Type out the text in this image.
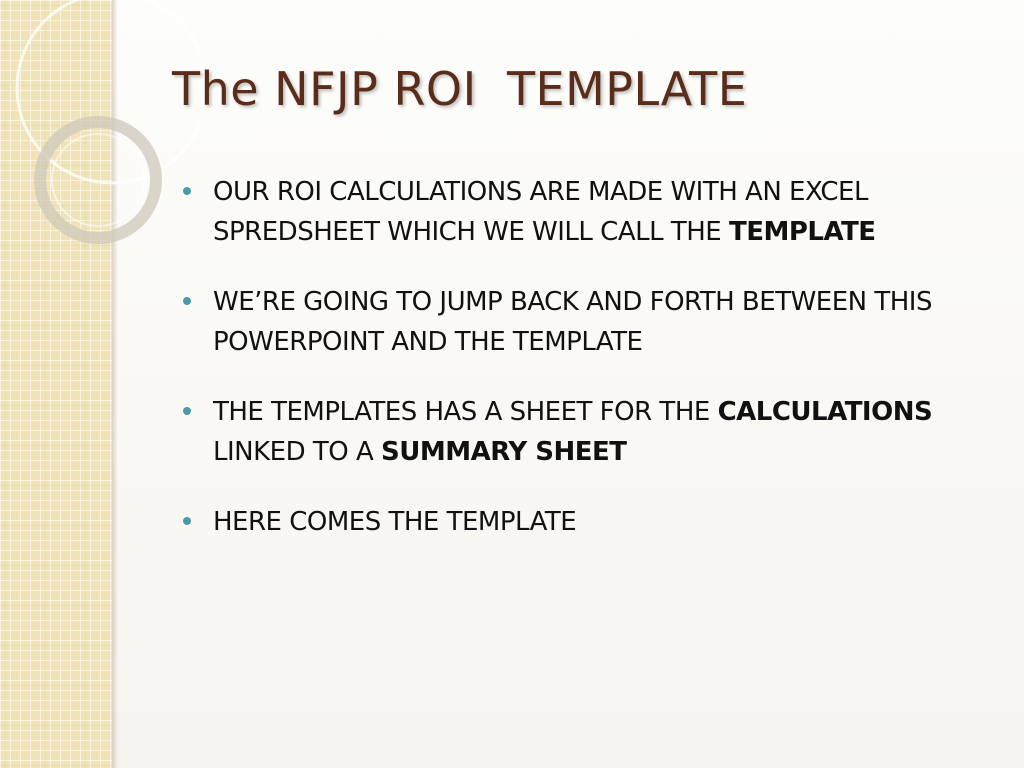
The NFJP ROI  TEMPLATE
OUR ROI CALCULATIONS ARE MADE WITH AN EXCEL SPREDSHEET WHICH WE WILL CALL THE TEMPLATE
WE’RE GOING TO JUMP BACK AND FORTH BETWEEN THIS POWERPOINT AND THE TEMPLATE
THE TEMPLATES HAS A SHEET FOR THE CALCULATIONS LINKED TO A SUMMARY SHEET
HERE COMES THE TEMPLATE
